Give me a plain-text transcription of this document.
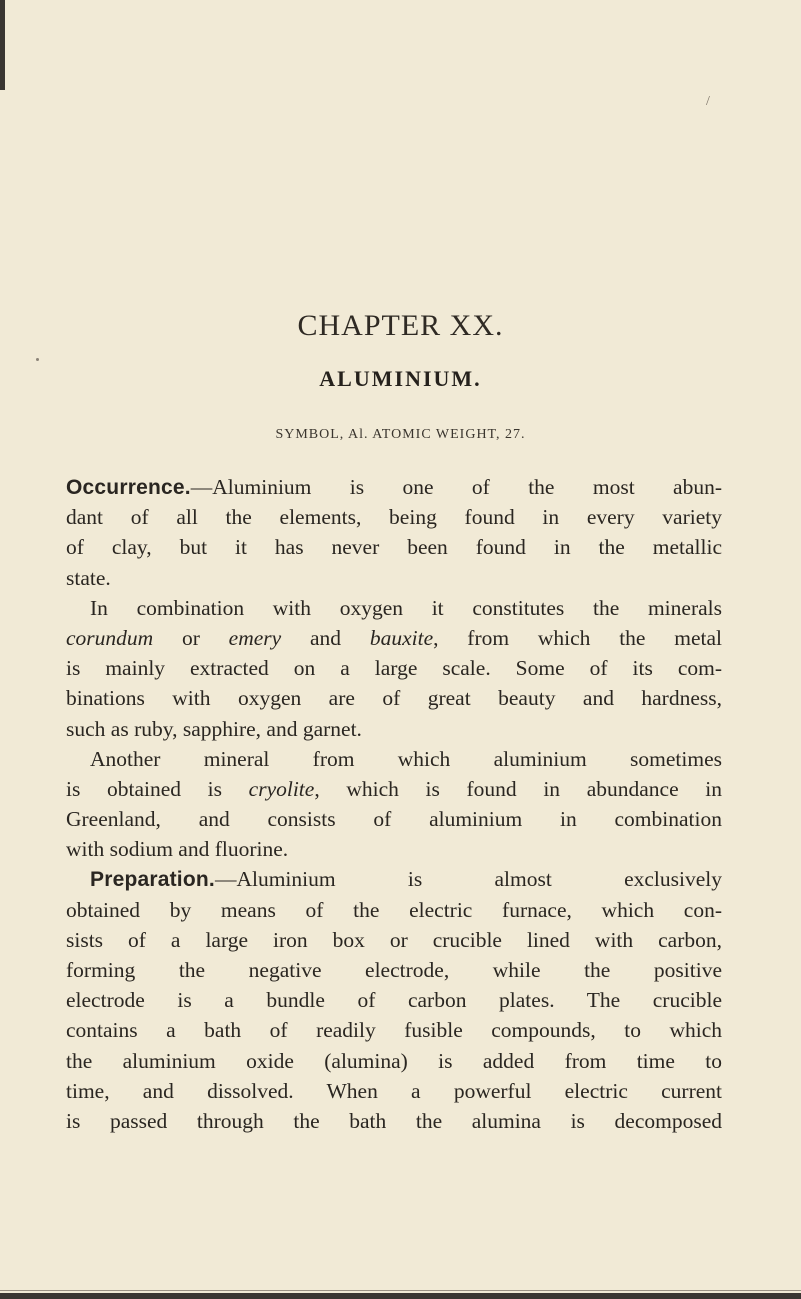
/
CHAPTER XX.
ALUMINIUM.
SYMBOL, Al. ATOMIC WEIGHT, 27.
Occurrence.—Aluminium is one of the most abun-
dant of all the elements, being found in every variety
of clay, but it has never been found in the metallic
state.
In combination with oxygen it constitutes the minerals
corundum or emery and bauxite, from which the metal
is mainly extracted on a large scale. Some of its com-
binations with oxygen are of great beauty and hardness,
such as ruby, sapphire, and garnet.
Another mineral from which aluminium sometimes
is obtained is cryolite, which is found in abundance in
Greenland, and consists of aluminium in combination
with sodium and fluorine.
Preparation.—Aluminium is almost exclusively
obtained by means of the electric furnace, which con-
sists of a large iron box or crucible lined with carbon,
forming the negative electrode, while the positive
electrode is a bundle of carbon plates. The crucible
contains a bath of readily fusible compounds, to which
the aluminium oxide (alumina) is added from time to
time, and dissolved. When a powerful electric current
is passed through the bath the alumina is decomposed
